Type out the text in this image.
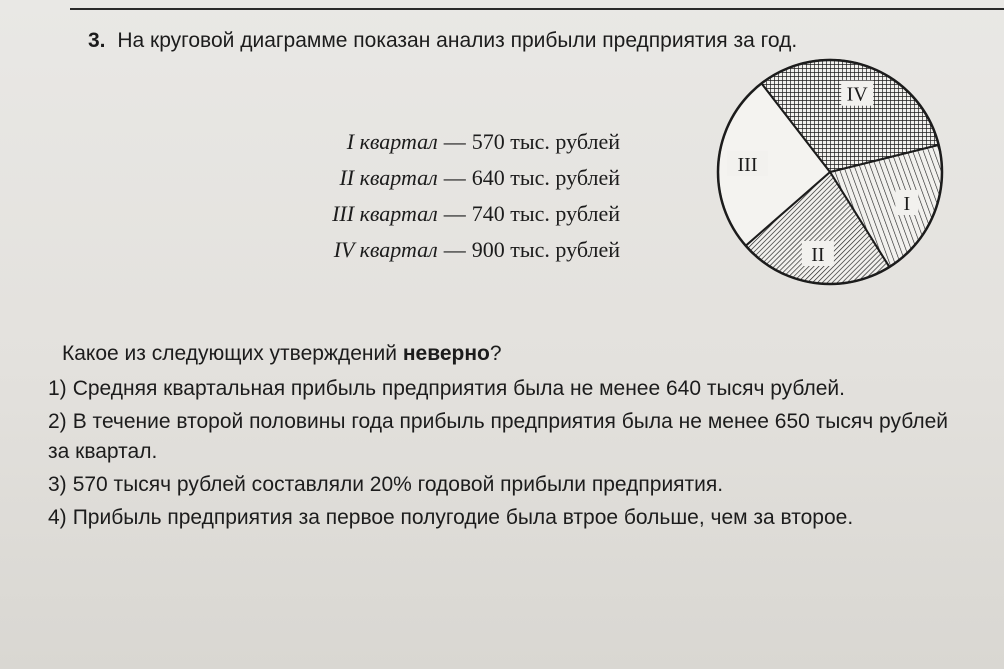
3. На круговой диаграмме показан анализ прибыли предприятия за год.
I квартал — 570 тыс. рублей
II квартал — 640 тыс. рублей
III квартал — 740 тыс. рублей
IV квартал — 900 тыс. рублей
I
II
III
IV
Какое из следующих утверждений неверно?
1) Средняя квартальная прибыль предприятия была не менее 640 тысяч рублей.
2) В течение второй половины года прибыль предприятия была не менее 650 тысяч рублей за квартал.
3) 570 тысяч рублей составляли 20% годовой прибыли предприятия.
4) Прибыль предприятия за первое полугодие была втрое больше, чем за второе.
